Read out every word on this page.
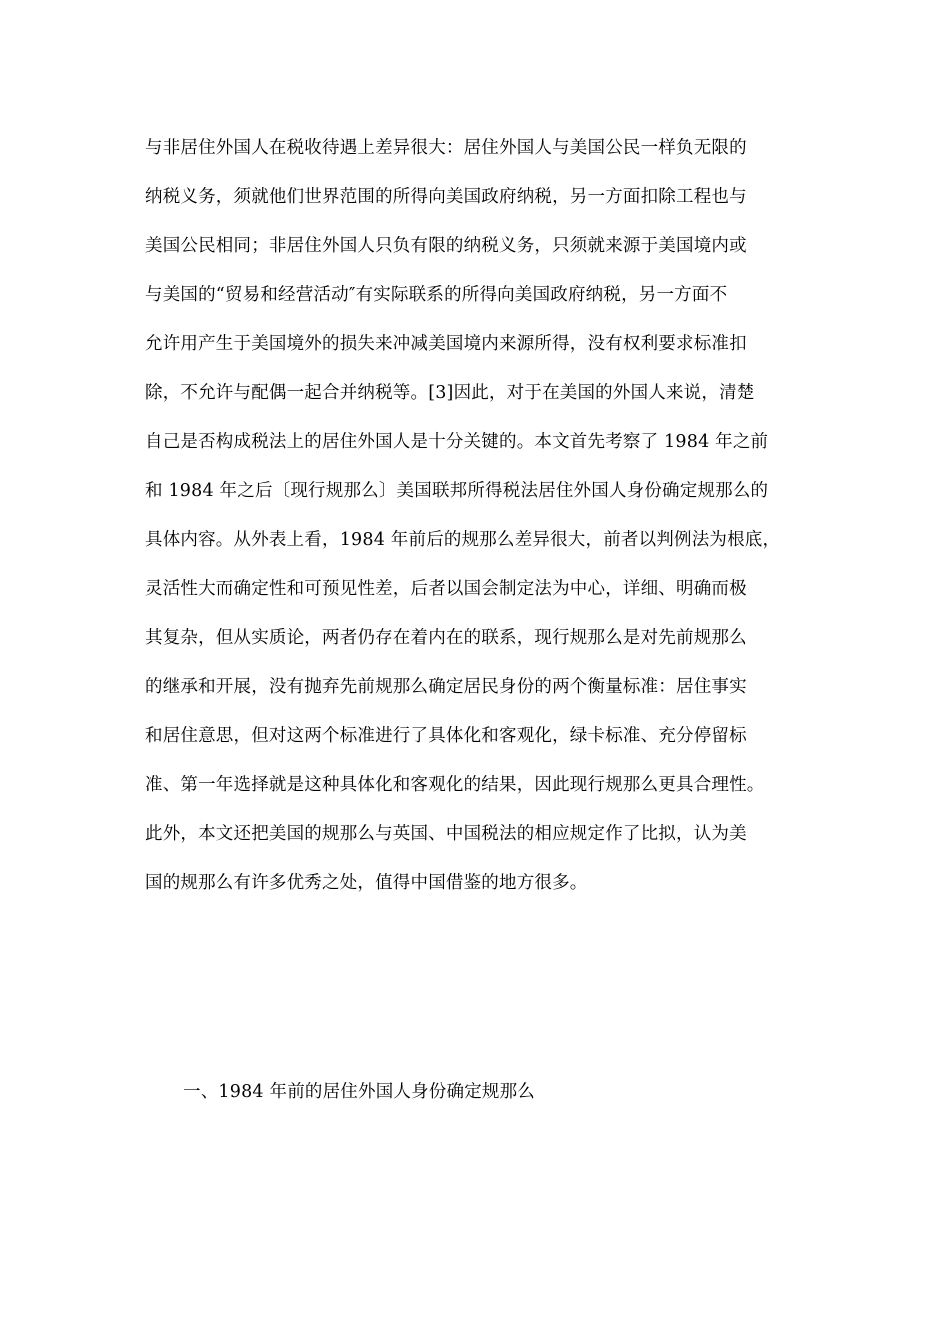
与非居住外国人在税收待遇上差异很大：居住外国人与美国公民一样负无限的
纳税义务，须就他们世界范围的所得向美国政府纳税，另一方面扣除工程也与
美国公民相同；非居住外国人只负有限的纳税义务，只须就来源于美国境内或
与美国的“贸易和经营活动″有实际联系的所得向美国政府纳税，另一方面不
允许用产生于美国境外的损失来冲减美国境内来源所得，没有权利要求标准扣
除，不允许与配偶一起合并纳税等。[3]因此，对于在美国的外国人来说，清楚
自己是否构成税法上的居住外国人是十分关键的。本文首先考察了 1984 年之前
和 1984 年之后〔现行规那么〕美国联邦所得税法居住外国人身份确定规那么的
具体内容。从外表上看，1984 年前后的规那么差异很大，前者以判例法为根底，
灵活性大而确定性和可预见性差，后者以国会制定法为中心，详细、明确而极
其复杂，但从实质论，两者仍存在着内在的联系，现行规那么是对先前规那么
的继承和开展，没有抛弃先前规那么确定居民身份的两个衡量标准：居住事实
和居住意思，但对这两个标准进行了具体化和客观化，绿卡标准、充分停留标
准、第一年选择就是这种具体化和客观化的结果，因此现行规那么更具合理性。
此外，本文还把美国的规那么与英国、中国税法的相应规定作了比拟，认为美
国的规那么有许多优秀之处，值得中国借鉴的地方很多。
一、1984 年前的居住外国人身份确定规那么
